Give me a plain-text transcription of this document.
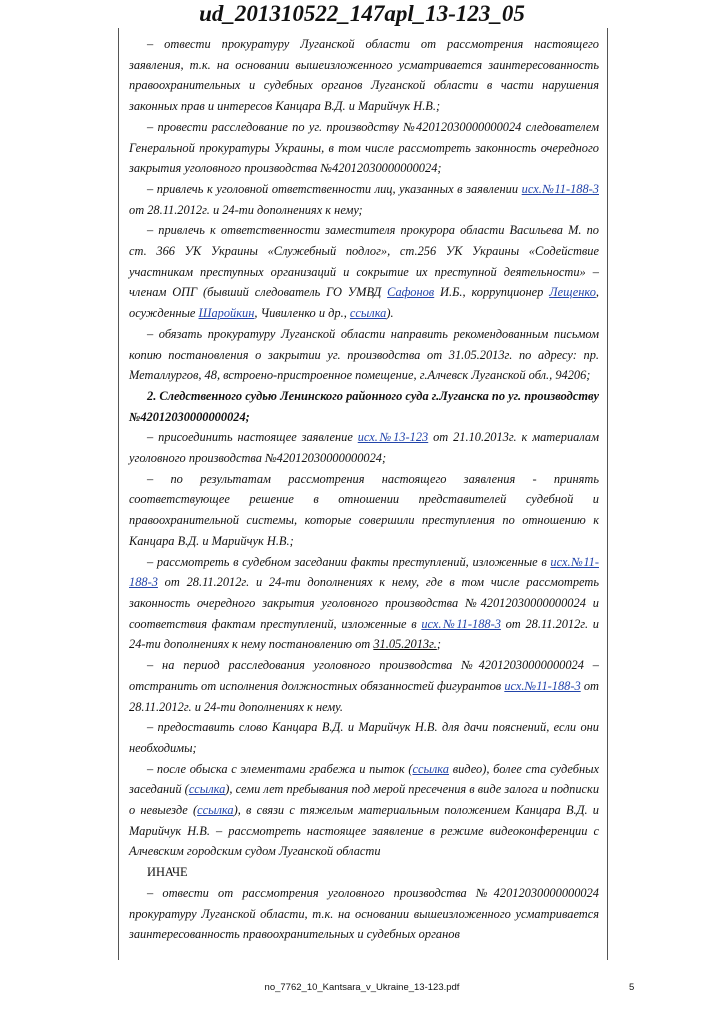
ud_201310522_147apl_13-123_05

– отвести прокуратуру Луганской области от рассмотрения настоящего заявления, т.к. на основании вышеизложенного усматривается заинтересованность правоохранительных и судебных органов Луганской области в части нарушения законных прав и интересов Канцара В.Д. и Марийчук Н.В.;

– провести расследование по уг. производству №42012030000000024 следователем Генеральной прокуратуры Украины, в том числе рассмотреть законность очередного закрытия уголовного производства №42012030000000024;

– привлечь к уголовной ответственности лиц, указанных в заявлении исх.№11-188-3 от 28.11.2012г. и 24-ти дополнениях к нему;

– привлечь к ответственности заместителя прокурора области Васильева М. по ст. 366 УК Украины «Служебный подлог», ст.256 УК Украины «Содействие участникам преступных организаций и сокрытие их преступной деятельности» – членам ОПГ (бывший следователь ГО УМВД Сафонов И.Б., коррупционер Лещенко, осужденные Шаройкин, Чивиленко и др., ссылка).

– обязать прокуратуру Луганской области направить рекомендованным письмом копию постановления о закрытии уг. производства от 31.05.2013г. по адресу: пр. Металлургов, 48, встроено-пристроенное помещение, г.Алчевск Луганской обл., 94206;

2. Следственного судью Ленинского районного суда г.Луганска по уг. производству №42012030000000024;

– присоединить настоящее заявление исх.№13-123 от 21.10.2013г. к материалам уголовного производства №42012030000000024;

– по результатам рассмотрения настоящего заявления - принять соответствующее решение в отношении представителей судебной и правоохранительной системы, которые совершили преступления по отношению к Канцара В.Д. и Марийчук Н.В.;

– рассмотреть в судебном заседании факты преступлений, изложенные в исх.№11-188-3 от 28.11.2012г. и 24-ти дополнениях к нему, где в том числе рассмотреть законность очередного закрытия уголовного производства №42012030000000024 и соответствия фактам преступлений, изложенные в исх.№11-188-3 от 28.11.2012г. и 24-ти дополнениях к нему постановлению от 31.05.2013г.;

– на период расследования уголовного производства №42012030000000024 – отстранить от исполнения должностных обязанностей фигурантов исх.№11-188-3 от 28.11.2012г. и 24-ти дополнениях к нему.

– предоставить слово Канцара В.Д. и Марийчук Н.В. для дачи пояснений, если они необходимы;

– после обыска с элементами грабежа и пыток (ссылка видео), более ста судебных заседаний (ссылка), семи лет пребывания под мерой пресечения в виде залога и подписки о невыезде (ссылка), в связи с тяжелым материальным положением Канцара В.Д. и Марийчук Н.В. – рассмотреть настоящее заявление в режиме видеоконференции с Алчевским городским судом Луганской области

ИНАЧЕ

– отвести от рассмотрения уголовного производства №42012030000000024 прокуратуру Луганской области, т.к. на основании вышеизложенного усматривается заинтересованность правоохранительных и судебных органов

no_7762_10_Kantsara_v_Ukraine_13-123.pdf	5
